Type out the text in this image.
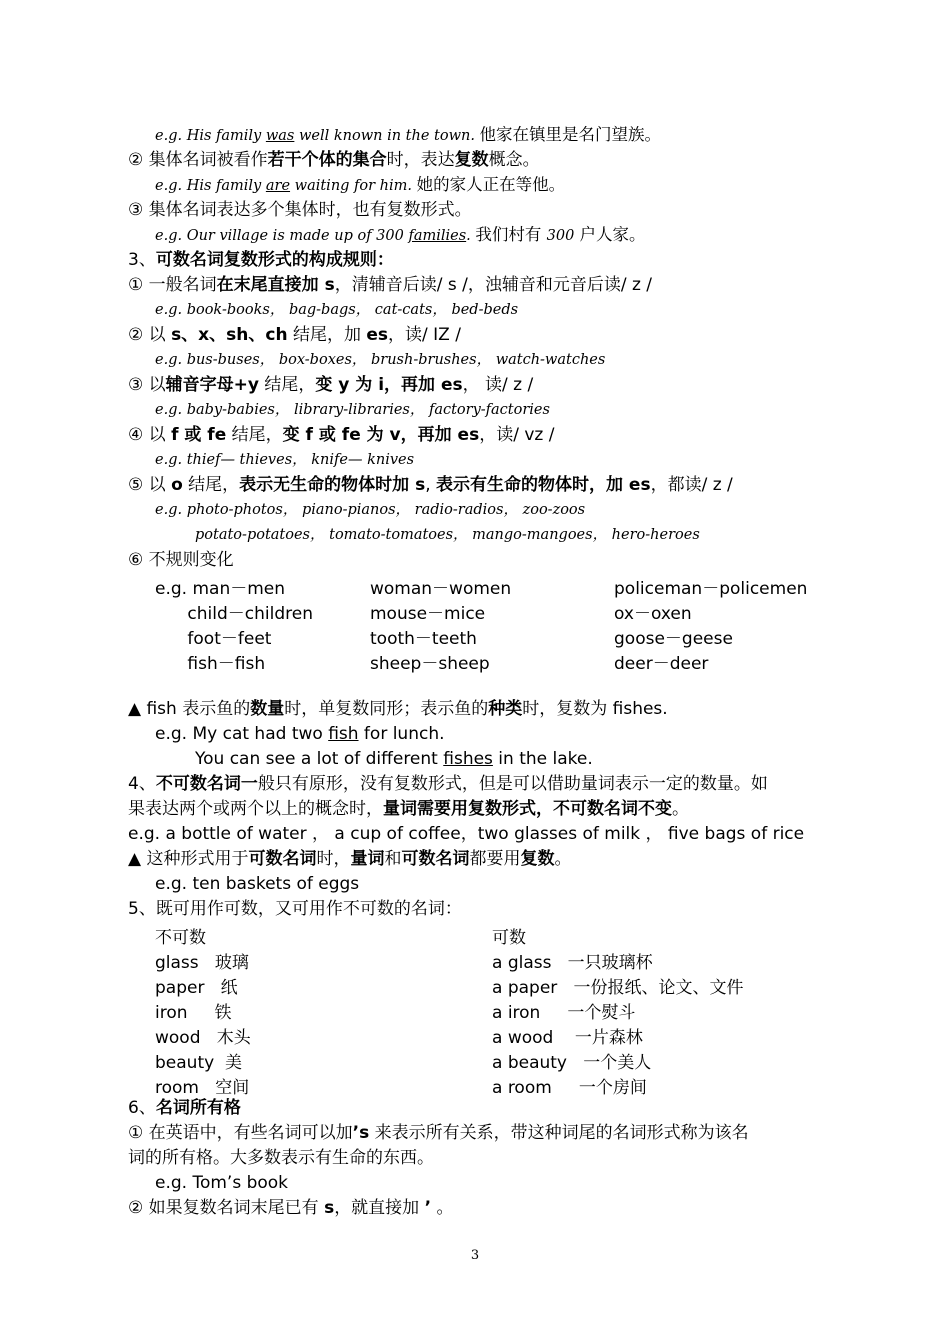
e.g. His family was well known in the town. 他家在镇里是名门望族。
② 集体名词被看作若干个体的集合时，表达复数概念。
e.g. His family are waiting for him. 她的家人正在等他。
③ 集体名词表达多个集体时，也有复数形式。
e.g. Our village is made up of 300 families. 我们村有 300 户人家。
3、可数名词复数形式的构成规则：
① 一般名词在末尾直接加 s，清辅音后读/ s /，浊辅音和元音后读/ z /
e.g. book-books， bag-bags， cat-cats， bed-beds
② 以 s、x、sh、ch 结尾，加 es，读/ IZ /
e.g. bus-buses， box-boxes， brush-brushes， watch-watches
③ 以辅音字母+y 结尾，变 y 为 i，再加 es， 读/ z /
e.g. baby-babies， library-libraries， factory-factories
④ 以 f 或 fe 结尾，变 f 或 fe 为 v，再加 es，读/ vz /
e.g. thief— thieves， knife— knives
⑤ 以 o 结尾，表示无生命的物体时加 s, 表示有生命的物体时，加 es，都读/ z /
e.g. photo-photos， piano-pianos， radio-radios， zoo-zoos
potato-potatoes， tomato-tomatoes， mango-mangoes， hero-heroes
⑥ 不规则变化
▲ fish 表示鱼的数量时，单复数同形；表示鱼的种类时，复数为 fishes.
e.g. My cat had two fish for lunch.
You can see a lot of different fishes in the lake.
4、不可数名词一般只有原形，没有复数形式，但是可以借助量词表示一定的数量。如
果表达两个或两个以上的概念时，量词需要用复数形式，不可数名词不变。
e.g. a bottle of water ， a cup of coffee，two glasses of milk ， five bags of rice
▲ 这种形式用于可数名词时，量词和可数名词都要用复数。
e.g. ten baskets of eggs
5、既可用作可数，又可用作不可数的名词：
6、名词所有格
① 在英语中，有些名词可以加’s 来表示所有关系，带这种词尾的名词形式称为该名
词的所有格。大多数表示有生命的东西。
e.g. Tom’s book
② 如果复数名词末尾已有 s，就直接加 ’ 。
e.g. man－men	woman－women	policeman－policemen
child－children	mouse－mice	ox－oxen
foot－feet	tooth－teeth	goose－geese
fish－fish	sheep－sheep	deer－deer
不可数	可数
glass   玻璃	a glass   一只玻璃杯
paper   纸	a paper   一份报纸、论文、文件
iron     铁	a iron     一个熨斗
wood   木头	a wood    一片森林
beauty  美	a beauty   一个美人
room   空间	a room     一个房间
3
